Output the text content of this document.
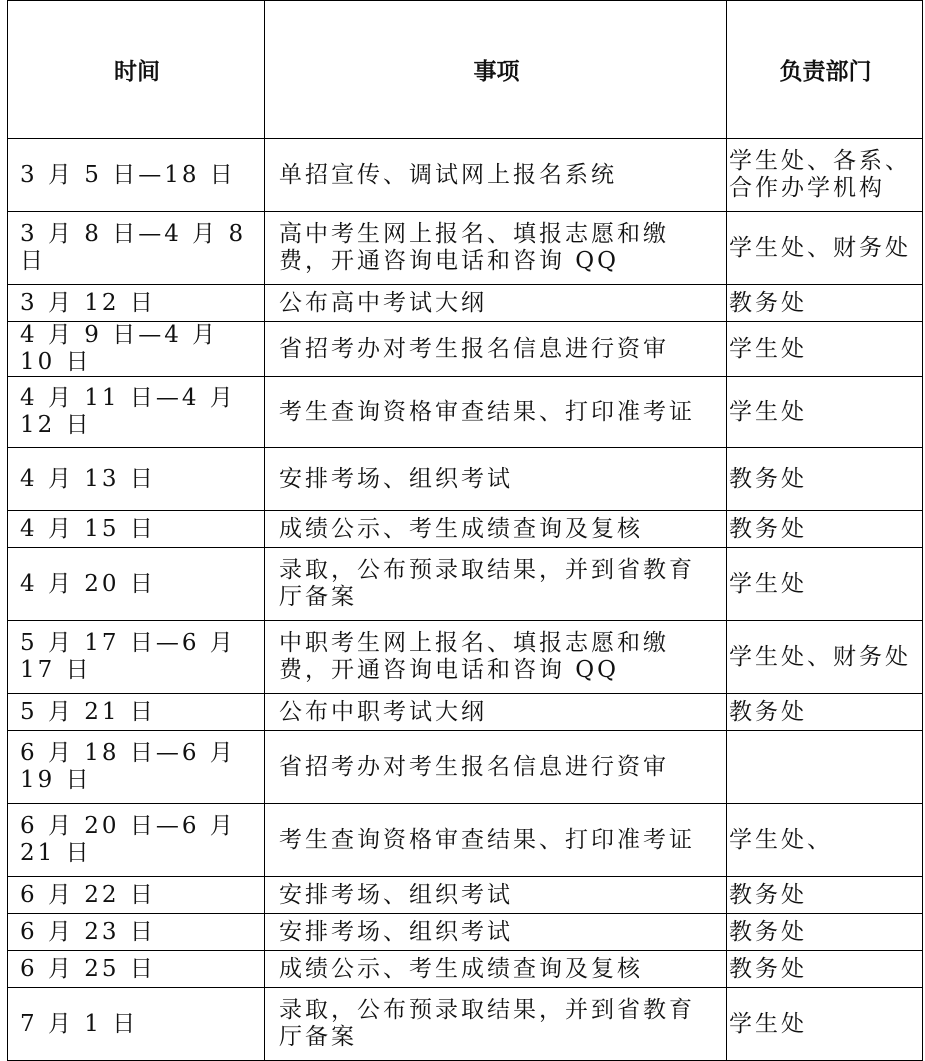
时间	事项	负责部门
3 月 5 日—18 日	单招宣传、调试网上报名系统	学生处、各系、合作办学机构
3 月 8 日—4 月 8 日	高中考生网上报名、填报志愿和缴费，开通咨询电话和咨询 QQ	学生处、财务处
3 月 12 日	公布高中考试大纲	教务处
4 月 9 日—4 月 10 日	省招考办对考生报名信息进行资审	学生处
4 月 11 日—4 月 12 日	考生查询资格审查结果、打印准考证	学生处
4 月 13 日	安排考场、组织考试	教务处
4 月 15 日	成绩公示、考生成绩查询及复核	教务处
4 月 20 日	录取，公布预录取结果，并到省教育厅备案	学生处
5 月 17 日—6 月 17 日	中职考生网上报名、填报志愿和缴费，开通咨询电话和咨询 QQ	学生处、财务处
5 月 21 日	公布中职考试大纲	教务处
6 月 18 日—6 月 19 日	省招考办对考生报名信息进行资审	
6 月 20 日—6 月 21 日	考生查询资格审查结果、打印准考证	学生处、
6 月 22 日	安排考场、组织考试	教务处
6 月 23 日	安排考场、组织考试	教务处
6 月 25 日	成绩公示、考生成绩查询及复核	教务处
7 月 1 日	录取，公布预录取结果，并到省教育厅备案	学生处
